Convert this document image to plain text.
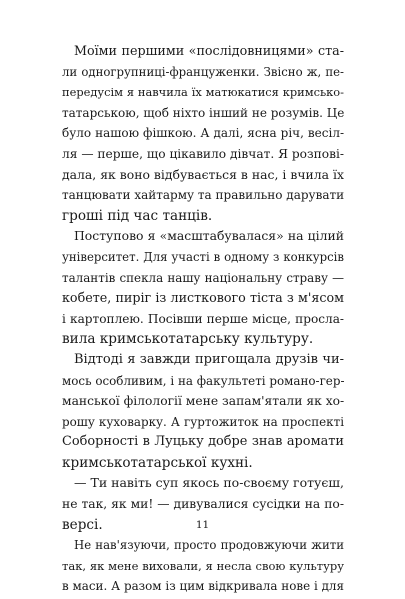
Моїми першими «послідовницями» ста-
ли одногрупниці-француженки. Звісно ж, пе-
передусім я навчила їх матюкатися кримсько-
татарською, щоб ніхто інший не розумів. Це
було нашою фішкою. А далі, ясна річ, весіл-
ля — перше, що цікавило дівчат. Я розпові-
дала, як воно відбувається в нас, і вчила їх
танцювати хайтарму та правильно дарувати
гроші під час танців.
Поступово я «масштабувалася» на цілий
університет. Для участі в одному з конкурсів
талантів спекла нашу національну страву —
кобете, пиріг із листкового тіста з м'ясом
і картоплею. Посівши перше місце, просла-
вила кримськотатарську культуру.
Відтоді я завжди пригощала друзів чи-
мось особливим, і на факультеті романо-гер-
манської філології мене запам'ятали як хо-
рошу куховарку. А гуртожиток на проспекті
Соборності в Луцьку добре знав аромати
кримськотатарської кухні.
— Ти навіть суп якось по-своєму готуєш,
не так, як ми! — дивувалися сусідки на по-
версі.
Не нав'язуючи, просто продовжуючи жити
так, як мене виховали, я несла свою культуру
в маси. А разом із цим відкривала нове і для
11
